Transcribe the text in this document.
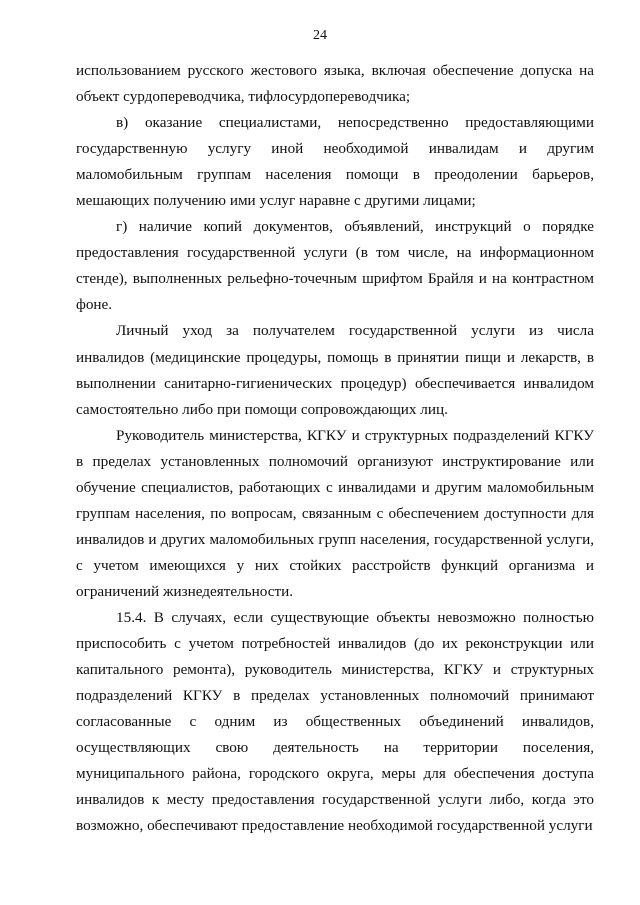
24

использованием русского жестового языка, включая обеспечение допуска на объект сурдопереводчика, тифлосурдопереводчика;

в) оказание специалистами, непосредственно предоставляющими государственную услугу иной необходимой инвалидам и другим маломобильным группам населения помощи в преодолении барьеров, мешающих получению ими услуг наравне с другими лицами;

г) наличие копий документов, объявлений, инструкций о порядке предоставления государственной услуги (в том числе, на информационном стенде), выполненных рельефно-точечным шрифтом Брайля и на контрастном фоне.

Личный уход за получателем государственной услуги из числа инвалидов (медицинские процедуры, помощь в принятии пищи и лекарств, в выполнении санитарно-гигиенических процедур) обеспечивается инвалидом самостоятельно либо при помощи сопровождающих лиц.

Руководитель министерства, КГКУ и структурных подразделений КГКУ в пределах установленных полномочий организуют инструктирование или обучение специалистов, работающих с инвалидами и другим маломобильным группам населения, по вопросам, связанным с обеспечением доступности для инвалидов и других маломобильных групп населения, государственной услуги, с учетом имеющихся у них стойких расстройств функций организма и ограничений жизнедеятельности.

15.4. В случаях, если существующие объекты невозможно полностью приспособить с учетом потребностей инвалидов (до их реконструкции или капитального ремонта), руководитель министерства, КГКУ и структурных подразделений КГКУ в пределах установленных полномочий принимают согласованные с одним из общественных объединений инвалидов, осуществляющих свою деятельность на территории поселения, муниципального района, городского округа, меры для обеспечения доступа инвалидов к месту предоставления государственной услуги либо, когда это возможно, обеспечивают предоставление необходимой государственной услуги
